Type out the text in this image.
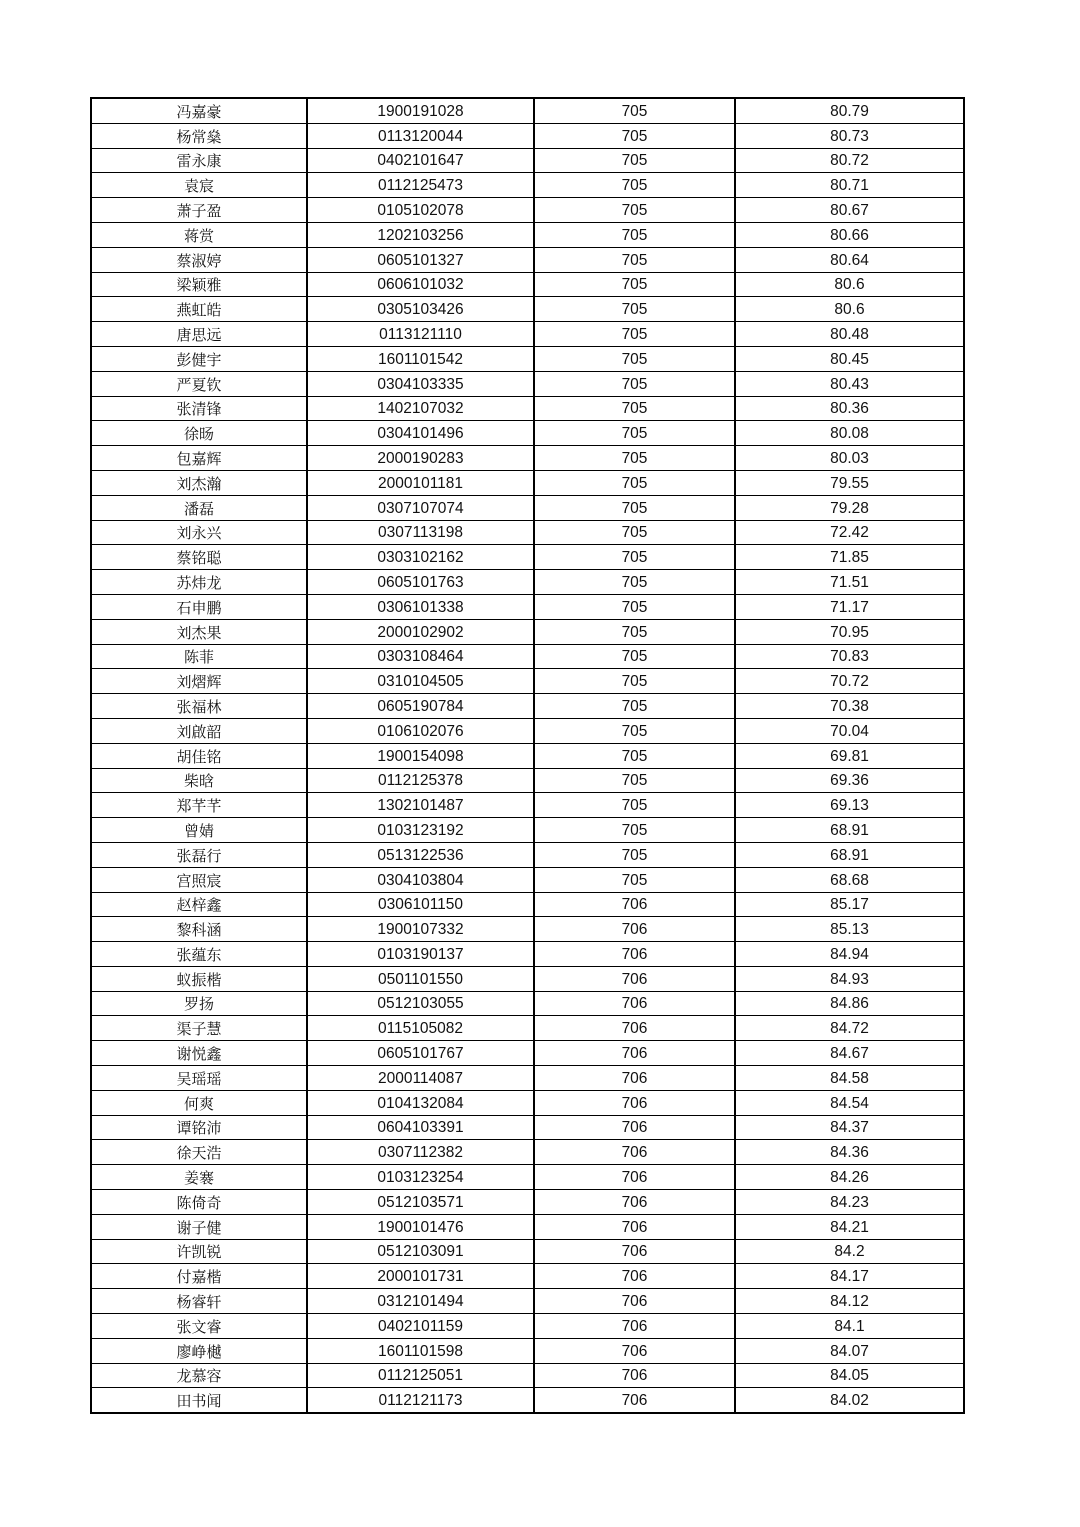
冯嘉豪	1900191028	705	80.79
杨常燊	0113120044	705	80.73
雷永康	0402101647	705	80.72
袁宸	0112125473	705	80.71
萧子盈	0105102078	705	80.67
蒋赏	1202103256	705	80.66
蔡淑婷	0605101327	705	80.64
梁颖雅	0606101032	705	80.6
燕虹皓	0305103426	705	80.6
唐思远	0113121110	705	80.48
彭健宇	1601101542	705	80.45
严夏钦	0304103335	705	80.43
张清锋	1402107032	705	80.36
徐旸	0304101496	705	80.08
包嘉辉	2000190283	705	80.03
刘杰瀚	2000101181	705	79.55
潘磊	0307107074	705	79.28
刘永兴	0307113198	705	72.42
蔡铭聪	0303102162	705	71.85
苏炜龙	0605101763	705	71.51
石申鹏	0306101338	705	71.17
刘杰果	2000102902	705	70.95
陈菲	0303108464	705	70.83
刘熠辉	0310104505	705	70.72
张福林	0605190784	705	70.38
刘啟韶	0106102076	705	70.04
胡佳铭	1900154098	705	69.81
柴晗	0112125378	705	69.36
郑芊芊	1302101487	705	69.13
曾婧	0103123192	705	68.91
张磊行	0513122536	705	68.91
宫照宸	0304103804	705	68.68
赵梓鑫	0306101150	706	85.17
黎科涵	1900107332	706	85.13
张蕴东	0103190137	706	84.94
蚁振楷	0501101550	706	84.93
罗扬	0512103055	706	84.86
渠子慧	0115105082	706	84.72
谢悦鑫	0605101767	706	84.67
吴瑶瑶	2000114087	706	84.58
何爽	0104132084	706	84.54
谭铭沛	0604103391	706	84.37
徐天浩	0307112382	706	84.36
姜褰	0103123254	706	84.26
陈倚奇	0512103571	706	84.23
谢子健	1900101476	706	84.21
许凯锐	0512103091	706	84.2
付嘉楷	2000101731	706	84.17
杨睿轩	0312101494	706	84.12
张文睿	0402101159	706	84.1
廖峥樾	1601101598	706	84.07
龙慕容	0112125051	706	84.05
田书闻	0112121173	706	84.02
